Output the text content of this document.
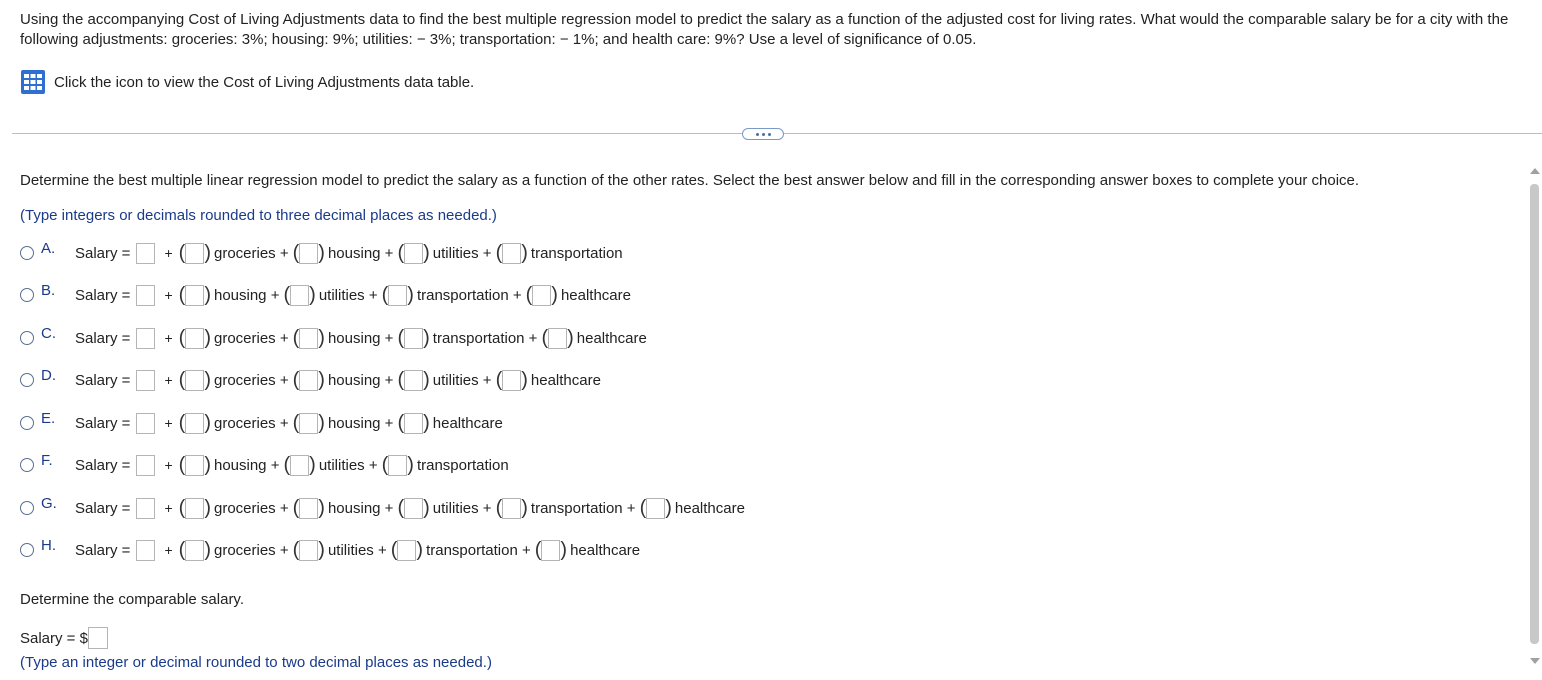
Using the accompanying Cost of Living Adjustments data to find the best multiple regression model to predict the salary as a function of the adjusted cost for living rates. What would the comparable salary be for a city with the following adjustments: groceries: 3%; housing: 9%; utilities: − 3%; transportation: − 1%; and health care: 9%? Use a level of significance of 0.05.
Click the icon to view the Cost of Living Adjustments data table.
Determine the best multiple linear regression model to predict the salary as a function of the other rates. Select the best answer below and fill in the corresponding answer boxes to complete your choice.
(Type integers or decimals rounded to three decimal places as needed.)
A.	Salary = + ( ) groceries + ( ) housing + ( ) utilities + ( ) transportation
B.	Salary = + ( ) housing + ( ) utilities + ( ) transportation + ( ) healthcare
C.	Salary = + ( ) groceries + ( ) housing + ( ) transportation + ( ) healthcare
D.	Salary = + ( ) groceries + ( ) housing + ( ) utilities + ( ) healthcare
E.	Salary = + ( ) groceries + ( ) housing + ( ) healthcare
F.	Salary = + ( ) housing + ( ) utilities + ( ) transportation
G.	Salary = + ( ) groceries + ( ) housing + ( ) utilities + ( ) transportation + ( ) healthcare
H.	Salary = + ( ) groceries + ( ) utilities + ( ) transportation + ( ) healthcare
Determine the comparable salary.
Salary = $
(Type an integer or decimal rounded to two decimal places as needed.)
